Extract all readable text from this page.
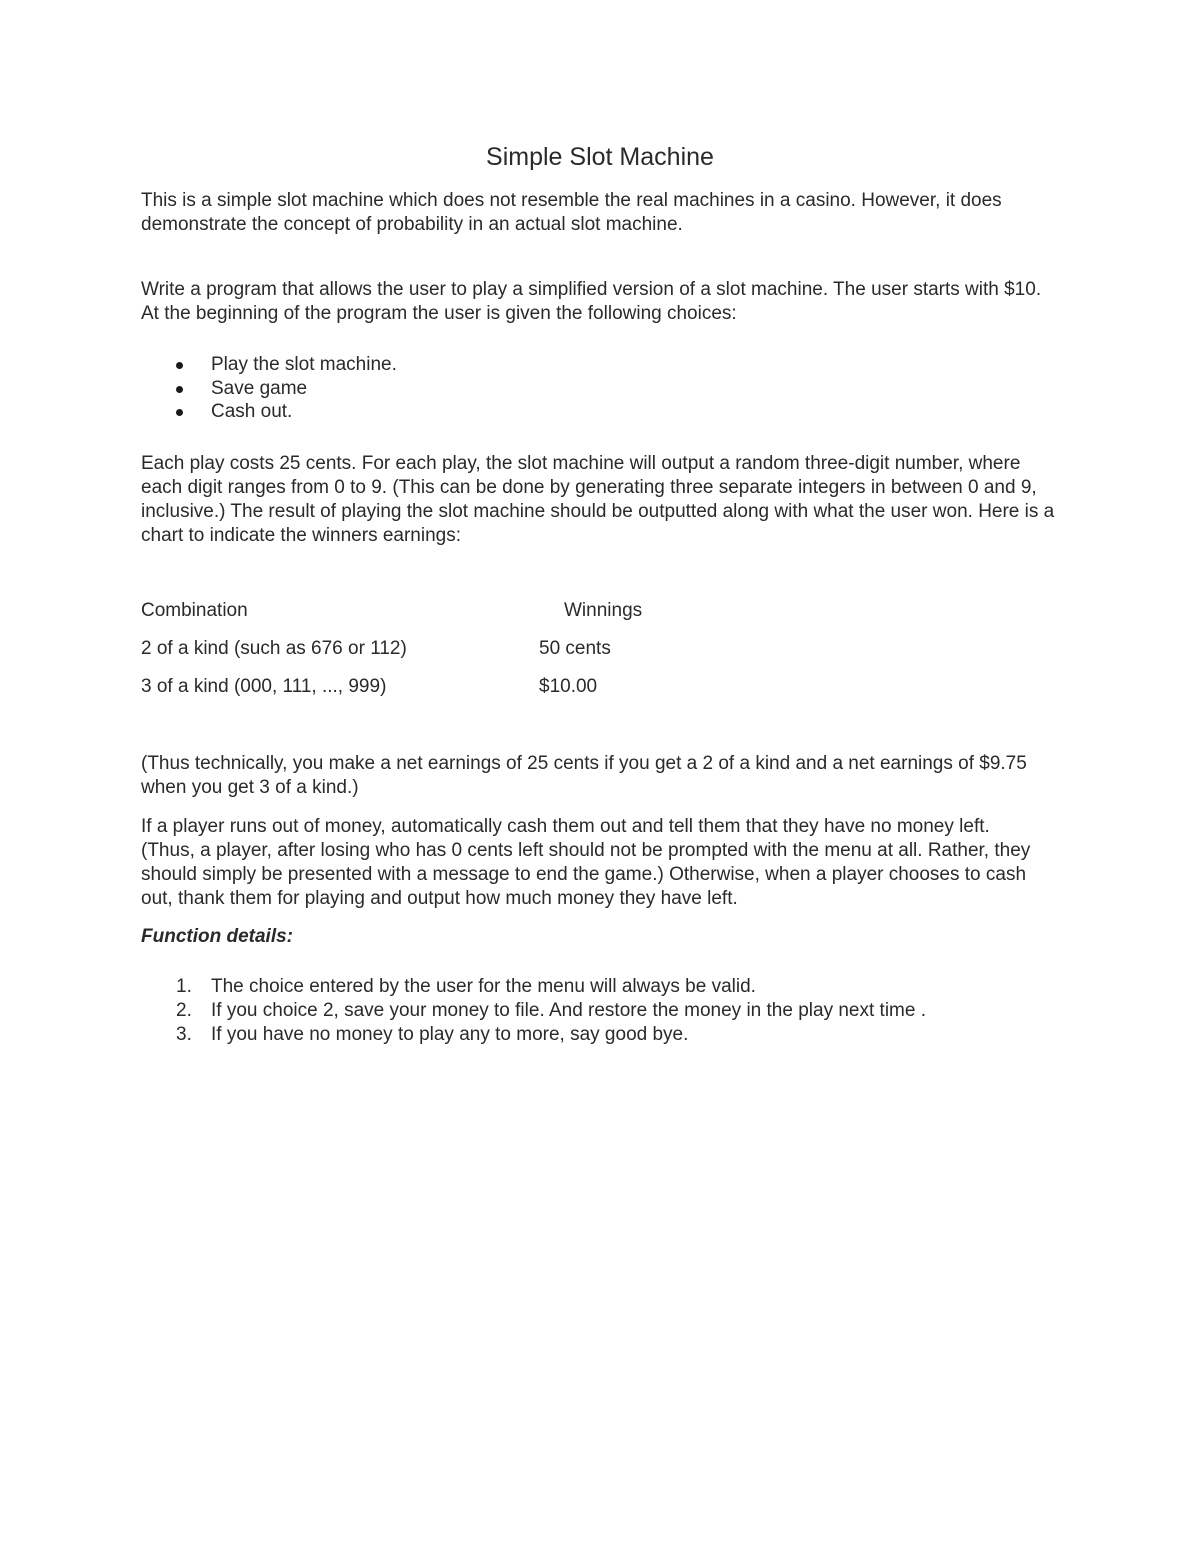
Simple Slot Machine
This is a simple slot machine which does not resemble the real machines in a casino. However, it does demonstrate the concept of probability in an actual slot machine.
Write a program that allows the user to play a simplified version of a slot machine. The user starts with $10. At the beginning of the program the user is given the following choices:
Play the slot machine.
Save game
Cash out.
Each play costs 25 cents. For each play, the slot machine will output a random three-digit number, where each digit ranges from 0 to 9. (This can be done by generating three separate integers in between 0 and 9, inclusive.) The result of playing the slot machine should be outputted along with what the user won. Here is a chart to indicate the winners earnings:
Combination	Winnings
2 of a kind (such as 676 or 112)	50 cents
3 of a kind (000, 111, ..., 999)	$10.00
(Thus technically, you make a net earnings of 25 cents if you get a 2 of a kind and a net earnings of $9.75 when you get 3 of a kind.)
If a player runs out of money, automatically cash them out and tell them that they have no money left. (Thus, a player, after losing who has 0 cents left should not be prompted with the menu at all. Rather, they should simply be presented with a message to end the game.) Otherwise, when a player chooses to cash out, thank them for playing and output how much money they have left.
Function details:
1. The choice entered by the user for the menu will always be valid.
2. If you choice 2, save your money to file. And restore the money in the play next time .
3. If you have no money to play any to more, say good bye.
